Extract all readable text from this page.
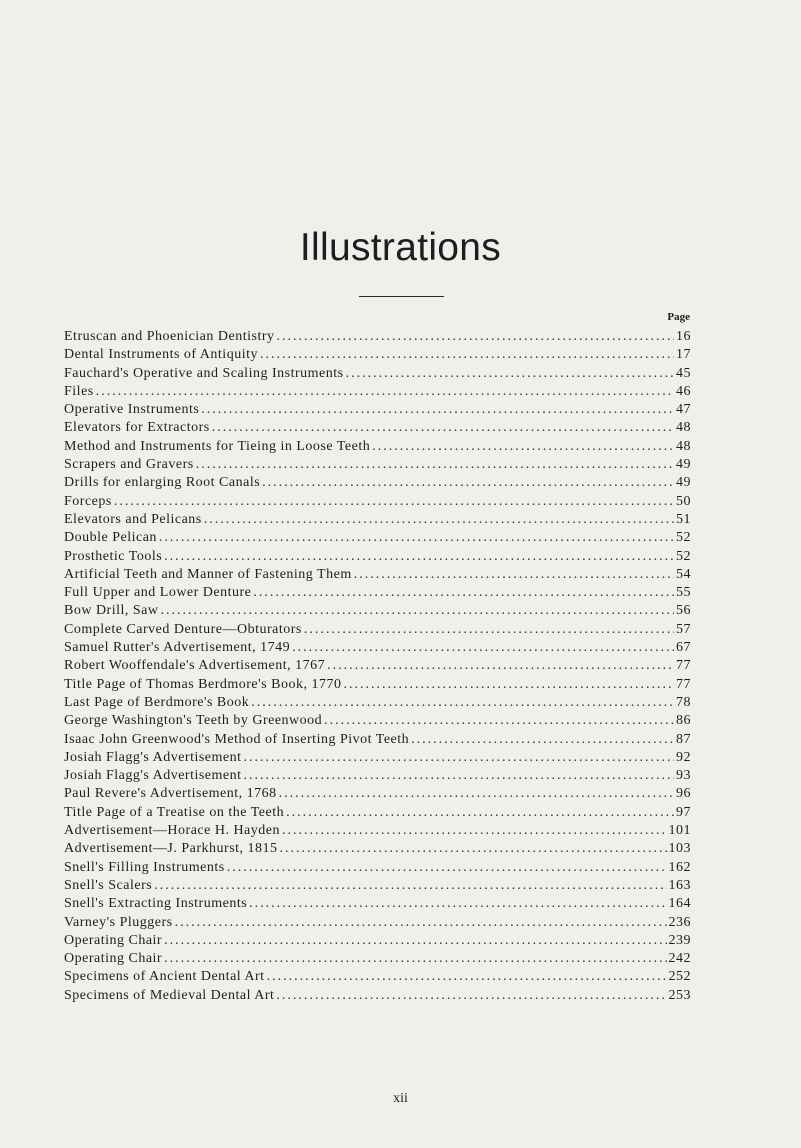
Illustrations
Page
Etruscan and Phoenician Dentistry .....	16
Dental Instruments of Antiquity .....	17
Fauchard's Operative and Scaling Instruments .....	45
Files .....	46
Operative Instruments .....	47
Elevators for Extractors .....	48
Method and Instruments for Tieing in Loose Teeth .....	48
Scrapers and Gravers .....	49
Drills for enlarging Root Canals .....	49
Forceps .....	50
Elevators and Pelicans .....	51
Double Pelican .....	52
Prosthetic Tools .....	52
Artificial Teeth and Manner of Fastening Them .....	54
Full Upper and Lower Denture .....	55
Bow Drill, Saw .....	56
Complete Carved Denture—Obturators .....	57
Samuel Rutter's Advertisement, 1749 .....	67
Robert Wooffendale's Advertisement, 1767 .....	77
Title Page of Thomas Berdmore's Book, 1770 .....	77
Last Page of Berdmore's Book .....	78
George Washington's Teeth by Greenwood .....	86
Isaac John Greenwood's Method of Inserting Pivot Teeth .....	87
Josiah Flagg's Advertisement .....	92
Josiah Flagg's Advertisement .....	93
Paul Revere's Advertisement, 1768 .....	96
Title Page of a Treatise on the Teeth .....	97
Advertisement—Horace H. Hayden .....	101
Advertisement—J. Parkhurst, 1815 .....	103
Snell's Filling Instruments .....	162
Snell's Scalers .....	163
Snell's Extracting Instruments .....	164
Varney's Pluggers .....	236
Operating Chair .....	239
Operating Chair .....	242
Specimens of Ancient Dental Art .....	252
Specimens of Medieval Dental Art .....	253
xii
